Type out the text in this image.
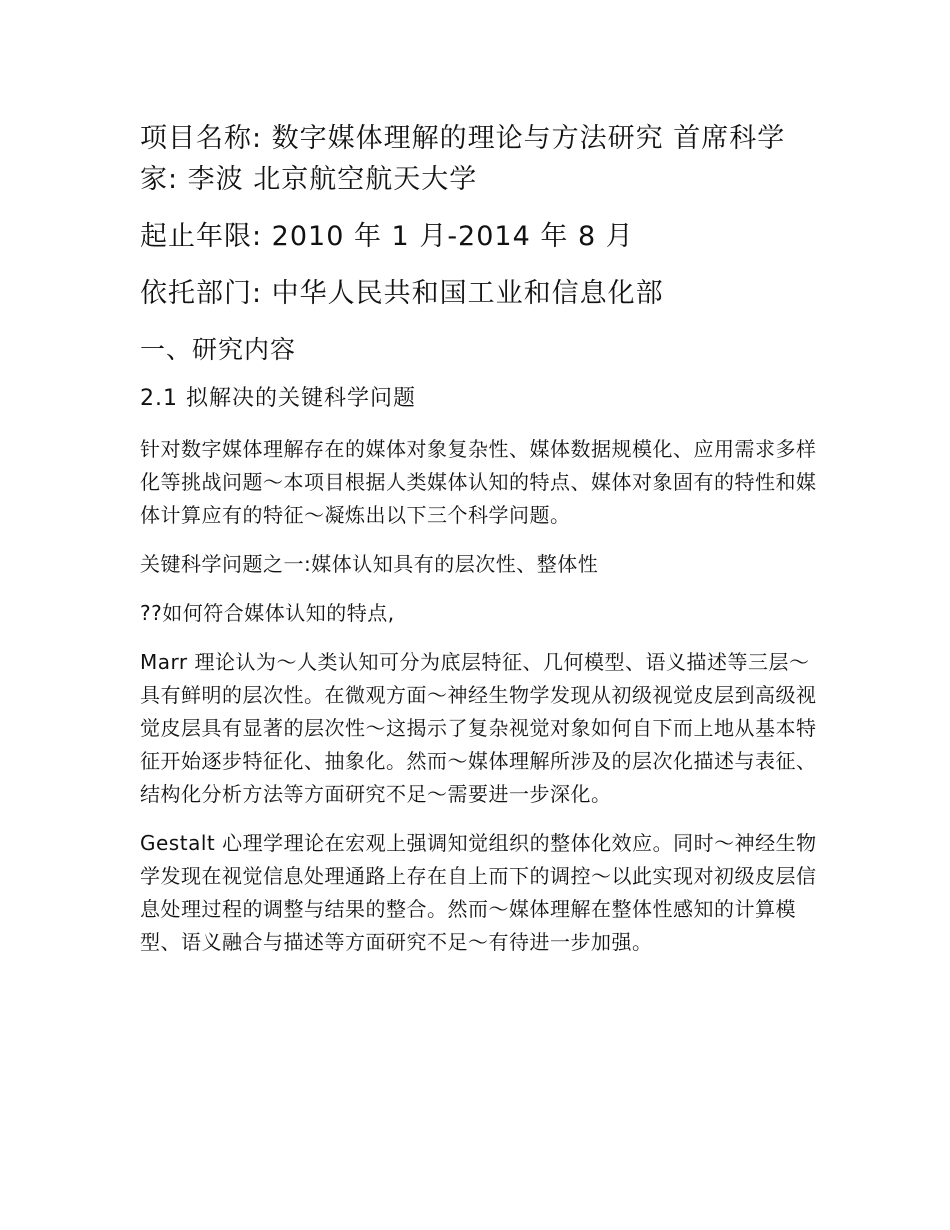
项目名称: 数字媒体理解的理论与方法研究 首席科学家: 李波 北京航空航天大学

起止年限: 2010 年 1 月-2014 年 8 月

依托部门: 中华人民共和国工业和信息化部

一、研究内容

2.1 拟解决的关键科学问题

针对数字媒体理解存在的媒体对象复杂性、媒体数据规模化、应用需求多样化等挑战问题～本项目根据人类媒体认知的特点、媒体对象固有的特性和媒体计算应有的特征～凝炼出以下三个科学问题。

关键科学问题之一:媒体认知具有的层次性、整体性

??如何符合媒体认知的特点,

Marr 理论认为～人类认知可分为底层特征、几何模型、语义描述等三层～具有鲜明的层次性。在微观方面～神经生物学发现从初级视觉皮层到高级视觉皮层具有显著的层次性～这揭示了复杂视觉对象如何自下而上地从基本特征开始逐步特征化、抽象化。然而～媒体理解所涉及的层次化描述与表征、结构化分析方法等方面研究不足～需要进一步深化。

Gestalt 心理学理论在宏观上强调知觉组织的整体化效应。同时～神经生物学发现在视觉信息处理通路上存在自上而下的调控～以此实现对初级皮层信息处理过程的调整与结果的整合。然而～媒体理解在整体性感知的计算模型、语义融合与描述等方面研究不足～有待进一步加强。
